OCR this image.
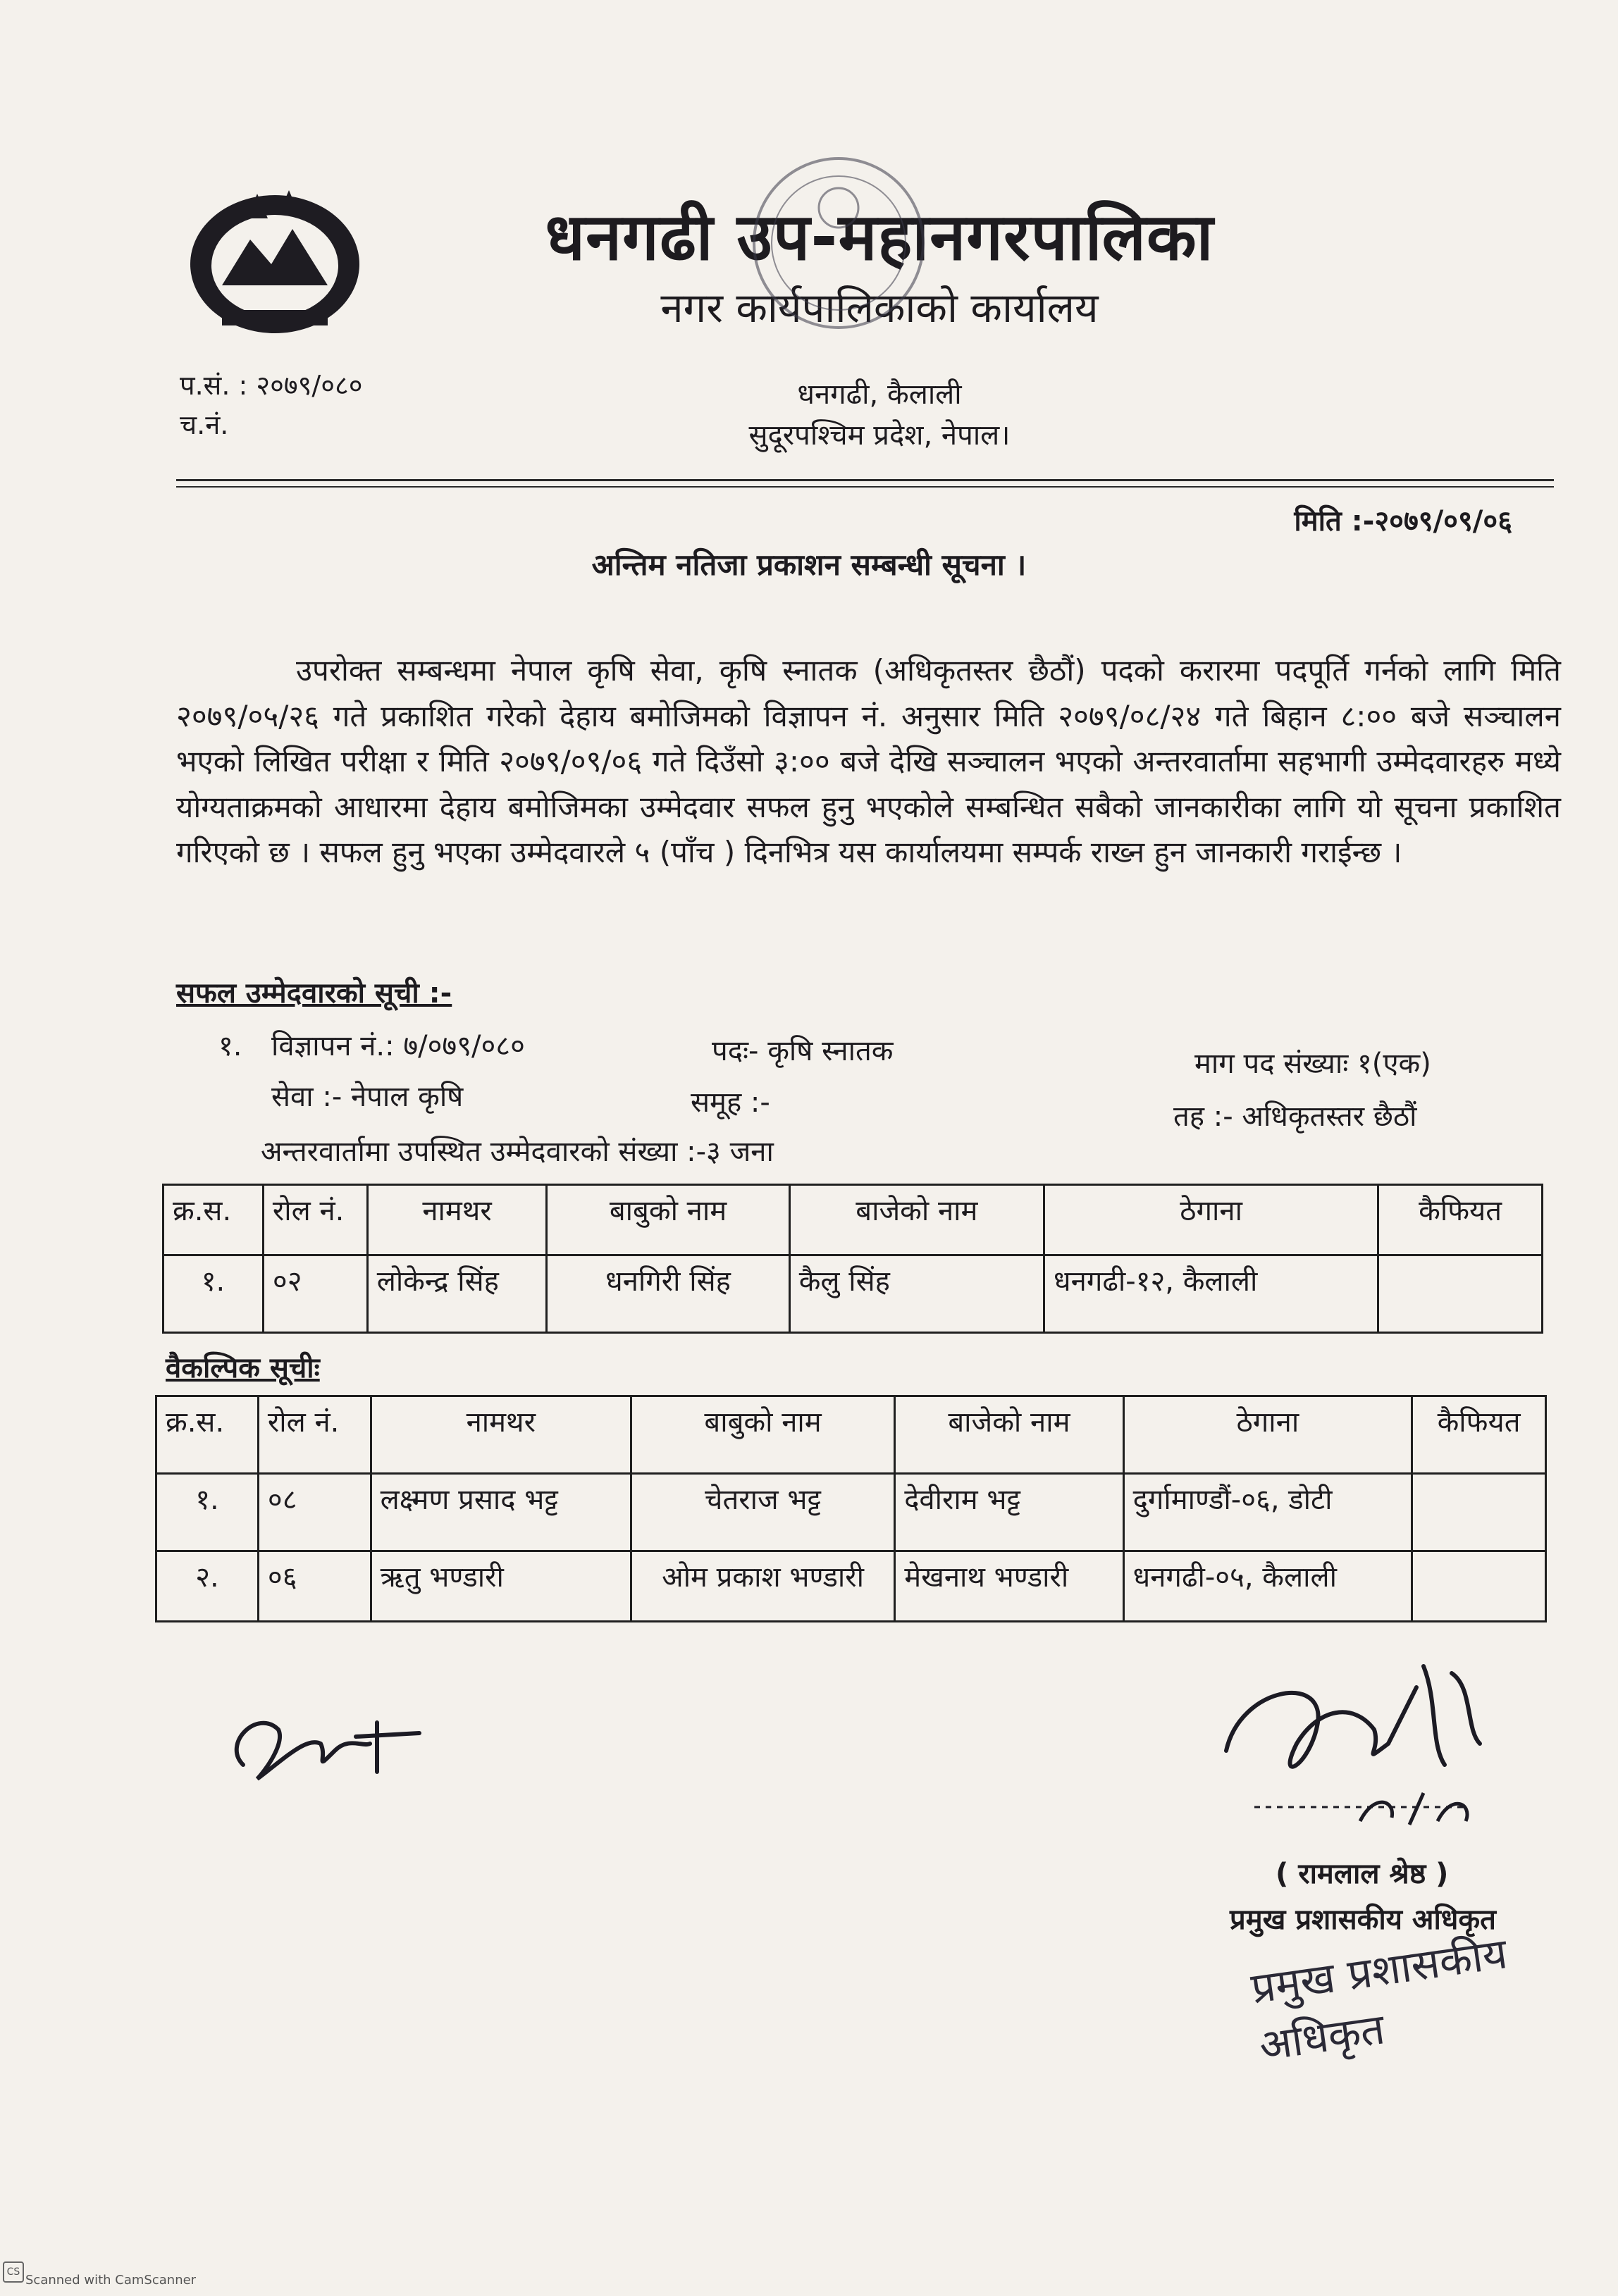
धनगढी उप-महानगरपालिका
नगर कार्यपालिकाको कार्यालय
धनगढी, कैलाली
सुदूरपश्चिम प्रदेश, नेपाल।
प.सं. : २०७९/०८०
च.नं.
मिति :-२०७९/०९/०६
अन्तिम नतिजा प्रकाशन सम्बन्धी सूचना ।
उपरोक्त सम्बन्धमा नेपाल कृषि सेवा, कृषि स्नातक (अधिकृतस्तर छैठौं) पदको करारमा पदपूर्ति गर्नको लागि मिति २०७९/०५/२६ गते प्रकाशित गरेको देहाय बमोजिमको विज्ञापन नं. अनुसार मिति २०७९/०८/२४ गते बिहान ८:०० बजे सञ्चालन भएको लिखित परीक्षा र मिति २०७९/०९/०६ गते दिउँसो ३:०० बजे देखि सञ्चालन भएको अन्तरवार्तामा सहभागी उम्मेदवारहरु मध्ये योग्यताक्रमको आधारमा देहाय बमोजिमका उम्मेदवार सफल हुनु भएकोले सम्बन्धित सबैको जानकारीका लागि यो सूचना प्रकाशित गरिएको छ । सफल हुनु भएका उम्मेदवारले ५ (पाँच ) दिनभित्र यस कार्यालयमा सम्पर्क राख्न हुन जानकारी गराईन्छ ।
सफल उम्मेदवारको सूची :-
१. विज्ञापन नं.: ७/०७९/०८०	पदः- कृषि स्नातक	माग पद संख्याः १(एक)
सेवा :- नेपाल कृषि	समूह :-	तह :- अधिकृतस्तर छैठौं
अन्तरवार्तामा उपस्थित उम्मेदवारको संख्या :-३ जना
क्र.स.	रोल नं.	नामथर	बाबुको नाम	बाजेको नाम	ठेगाना	कैफियत
१.	०२	लोकेन्द्र सिंह	धनगिरी सिंह	कैलु सिंह	धनगढी-१२, कैलाली	
वैकल्पिक सूचीः
क्र.स.	रोल नं.	नामथर	बाबुको नाम	बाजेको नाम	ठेगाना	कैफियत
१.	०८	लक्ष्मण प्रसाद भट्ट	चेतराज भट्ट	देवीराम भट्ट	दुर्गामाण्डौं-०६, डोटी	
२.	०६	ऋतु भण्डारी	ओम प्रकाश भण्डारी	मेखनाथ भण्डारी	धनगढी-०५, कैलाली	
( रामलाल श्रेष्ठ )
प्रमुख प्रशासकीय अधिकृत
प्रमुख प्रशासकीय अधिकृत
CS
Scanned with CamScanner
